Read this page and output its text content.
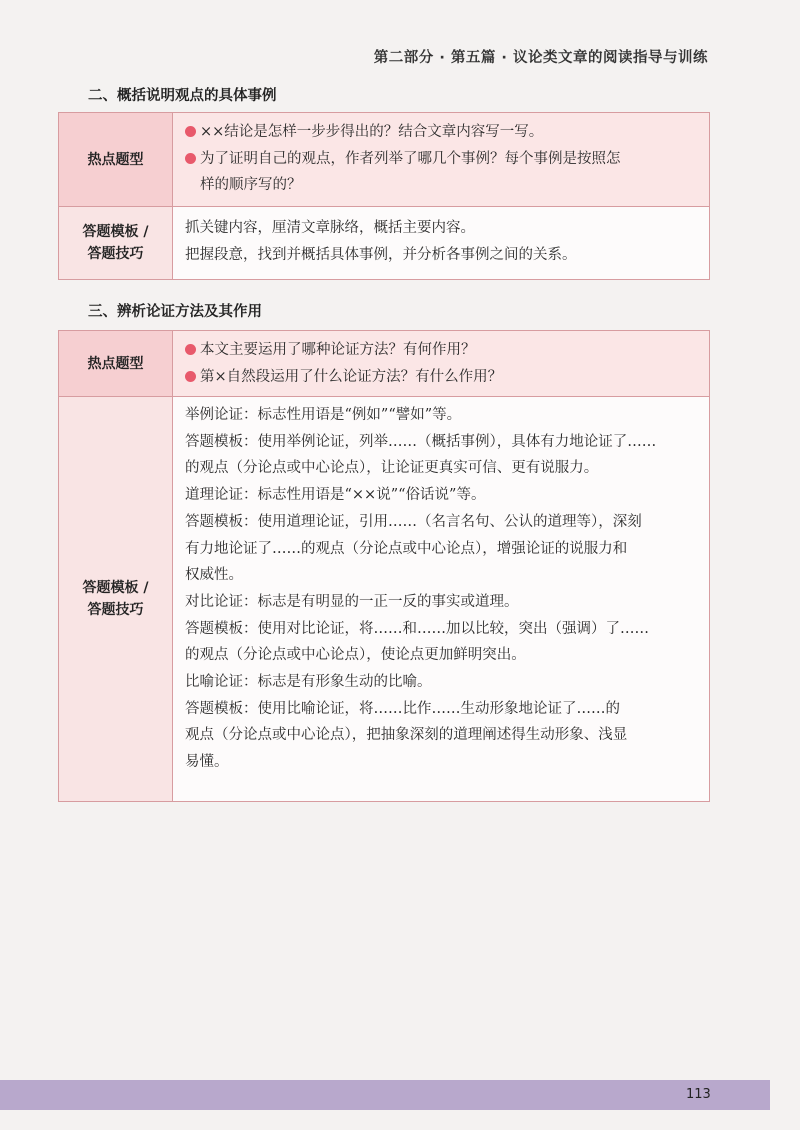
第二部分 · 第五篇 · 议论类文章的阅读指导与训练
二、概括说明观点的具体事例
热点题型
××结论是怎样一步步得出的？结合文章内容写一写。
为了证明自己的观点，作者列举了哪几个事例？每个事例是按照怎
样的顺序写的？
答题模板 /
答题技巧
抓关键内容，厘清文章脉络，概括主要内容。
把握段意，找到并概括具体事例，并分析各事例之间的关系。
三、辨析论证方法及其作用
热点题型
本文主要运用了哪种论证方法？有何作用？
第×自然段运用了什么论证方法？有什么作用？
答题模板 /
答题技巧
举例论证：标志性用语是“例如”“譬如”等。
答题模板：使用举例论证，列举……（概括事例），具体有力地论证了……
的观点（分论点或中心论点），让论证更真实可信、更有说服力。
道理论证：标志性用语是“××说”“俗话说”等。
答题模板：使用道理论证，引用……（名言名句、公认的道理等），深刻
有力地论证了……的观点（分论点或中心论点），增强论证的说服力和
权威性。
对比论证：标志是有明显的一正一反的事实或道理。
答题模板：使用对比论证，将……和……加以比较，突出（强调）了……
的观点（分论点或中心论点），使论点更加鲜明突出。
比喻论证：标志是有形象生动的比喻。
答题模板：使用比喻论证，将……比作……生动形象地论证了……的
观点（分论点或中心论点），把抽象深刻的道理阐述得生动形象、浅显
易懂。
113
